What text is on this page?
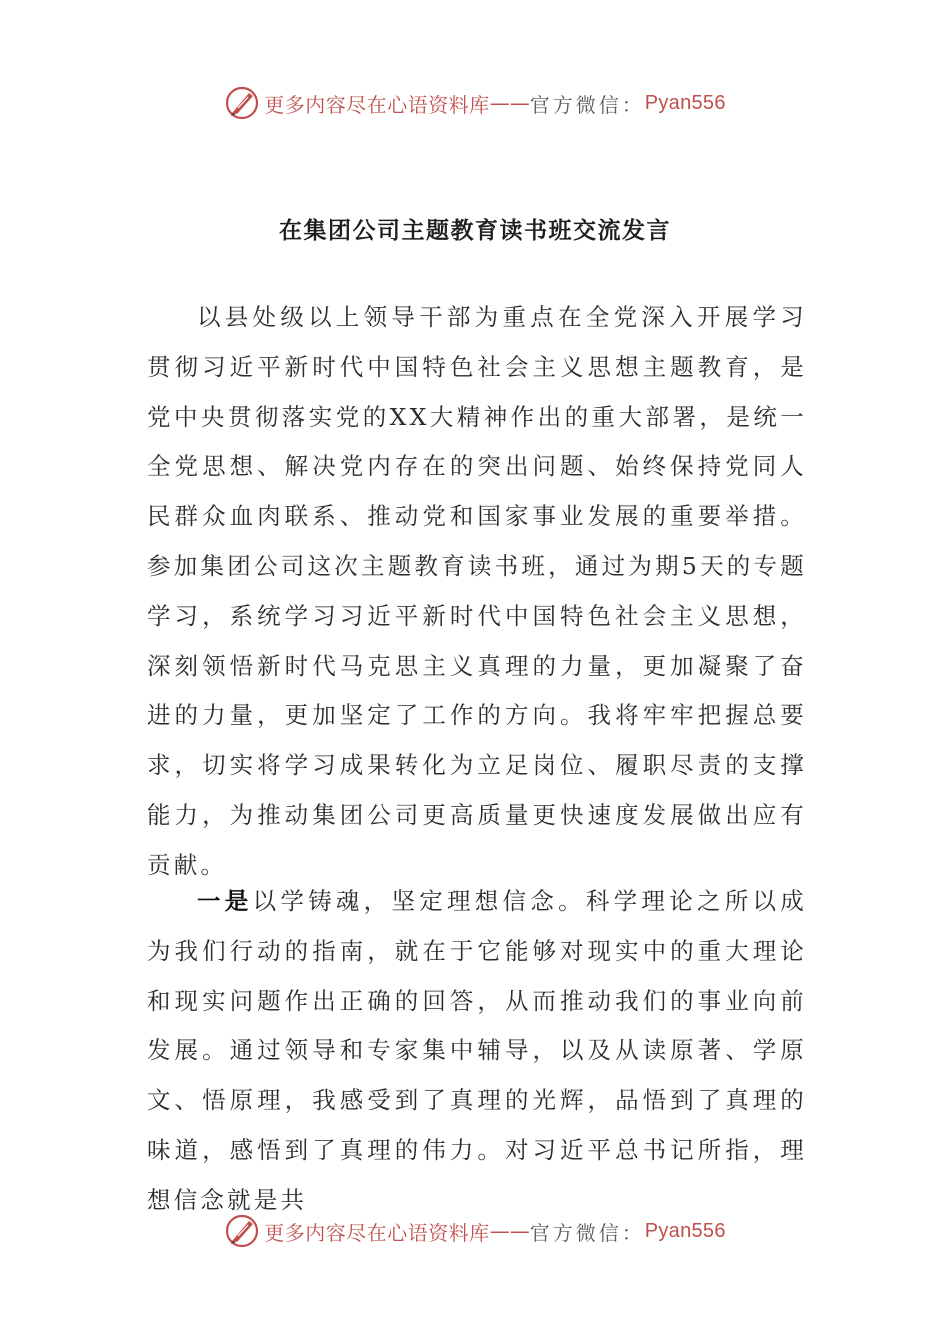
更多内容尽在心语资料库 —— 官方微信： Pyan556
在集团公司主题教育读书班交流发言

以县处级以上领导干部为重点在全党深入开展学习贯彻习近平新时代中国特色社会主义思想主题教育，是党中央贯彻落实党的XX大精神作出的重大部署，是统一全党思想、解决党内存在的突出问题、始终保持党同人民群众血肉联系、推动党和国家事业发展的重要举措。参加集团公司这次主题教育读书班，通过为期5天的专题学习，系统学习习近平新时代中国特色社会主义思想，深刻领悟新时代马克思主义真理的力量，更加凝聚了奋进的力量，更加坚定了工作的方向。我将牢牢把握总要求，切实将学习成果转化为立足岗位、履职尽责的支撑能力，为推动集团公司更高质量更快速度发展做出应有贡献。

一是以学铸魂，坚定理想信念。科学理论之所以成为我们行动的指南，就在于它能够对现实中的重大理论和现实问题作出正确的回答，从而推动我们的事业向前发展。通过领导和专家集中辅导，以及从读原著、学原文、悟原理，我感受到了真理的光辉，品悟到了真理的味道，感悟到了真理的伟力。对习近平总书记所指，理想信念就是共

更多内容尽在心语资料库 —— 官方微信： Pyan556
